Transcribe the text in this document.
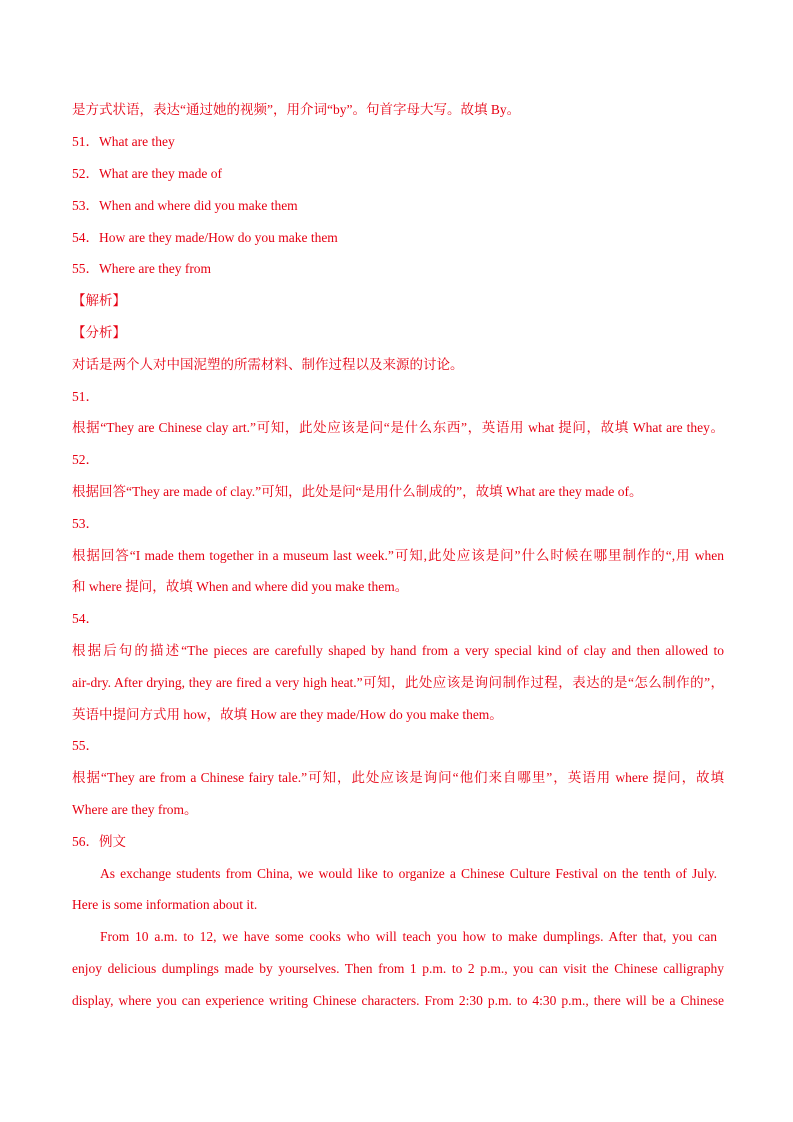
是方式状语，表达“通过她的视频”，用介词“by”。句首字母大写。故填 By。
51．What are they
52．What are they made of
53．When and where did you make them
54．How are they made/How do you make them
55．Where are they from
【解析】
【分析】
对话是两个人对中国泥塑的所需材料、制作过程以及来源的讨论。
51．
根据“They are Chinese clay art.”可知，此处应该是问“是什么东西”，英语用 what 提问，故填 What are they。
52．
根据回答“They are made of clay.”可知，此处是问“是用什么制成的”，故填 What are they made of。
53．
根据回答“I made them together in a museum last week.”可知,此处应该是问”什么时候在哪里制作的“,用 when
和 where 提问，故填 When and where did you make them。
54．
根据后句的描述“The pieces are carefully shaped by hand from a very special kind of clay and then allowed to
air-dry. After drying, they are fired a very high heat.”可知，此处应该是询问制作过程，表达的是“怎么制作的”，
英语中提问方式用 how，故填 How are they made/How do you make them。
55．
根据“They are from a Chinese fairy tale.”可知，此处应该是询问“他们来自哪里”，英语用 where 提问，故填
Where are they from。
56．例文
As exchange students from China, we would like to organize a Chinese Culture Festival on the tenth of July.
Here is some information about it.
From 10 a.m. to 12, we have some cooks who will teach you how to make dumplings. After that, you can
enjoy delicious dumplings made by yourselves. Then from 1 p.m. to 2 p.m., you can visit the Chinese calligraphy
display, where you can experience writing Chinese characters. From 2:30 p.m. to 4:30 p.m., there will be a Chinese
